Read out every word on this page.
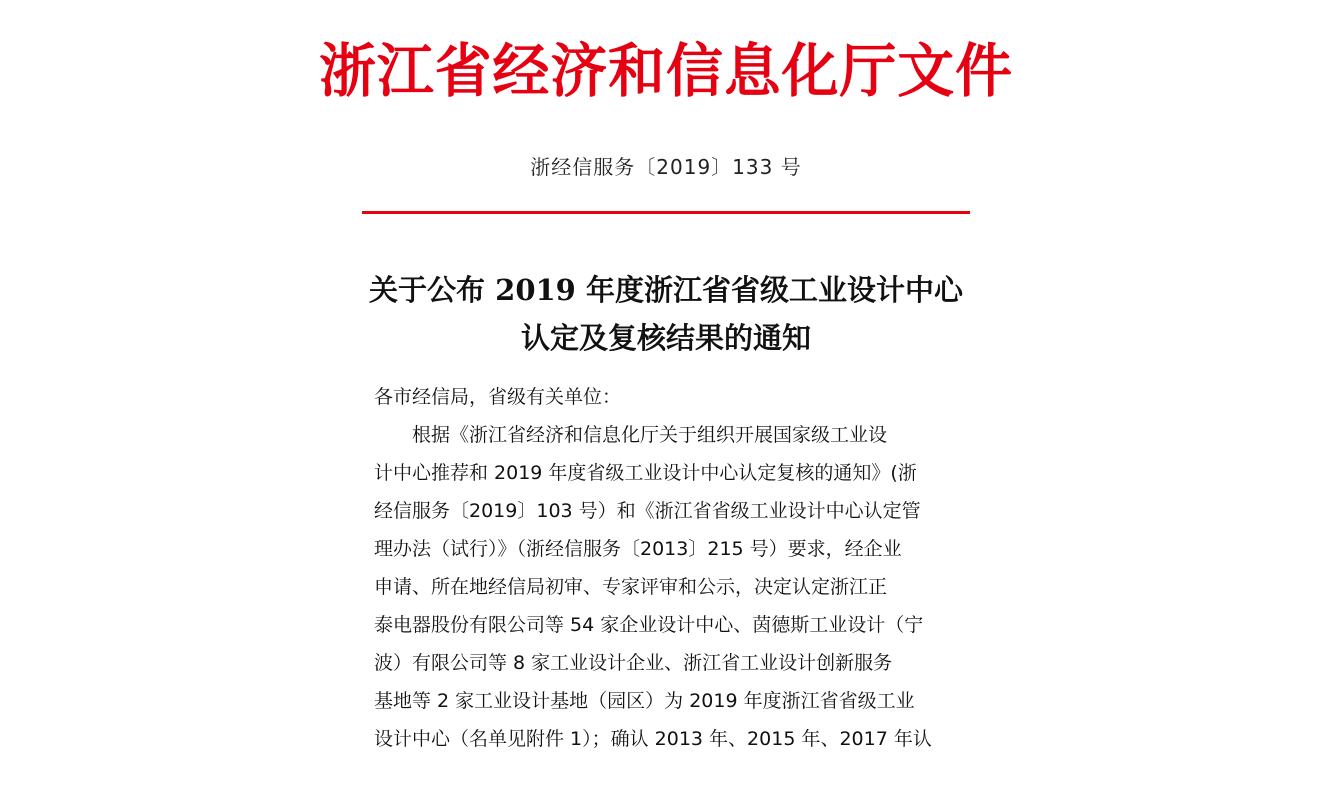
浙江省经济和信息化厅文件
浙经信服务〔2019〕133 号
关于公布 2019 年度浙江省省级工业设计中心
认定及复核结果的通知
各市经信局，省级有关单位：
根据《浙江省经济和信息化厅关于组织开展国家级工业设
计中心推荐和 2019 年度省级工业设计中心认定复核的通知》(浙
经信服务〔2019〕103 号）和《浙江省省级工业设计中心认定管
理办法（试行）》（浙经信服务〔2013〕215 号）要求，经企业
申请、所在地经信局初审、专家评审和公示，决定认定浙江正
泰电器股份有限公司等 54 家企业设计中心、茵德斯工业设计（宁
波）有限公司等 8 家工业设计企业、浙江省工业设计创新服务
基地等 2 家工业设计基地（园区）为 2019 年度浙江省省级工业
设计中心（名单见附件 1）；确认 2013 年、2015 年、2017 年认
